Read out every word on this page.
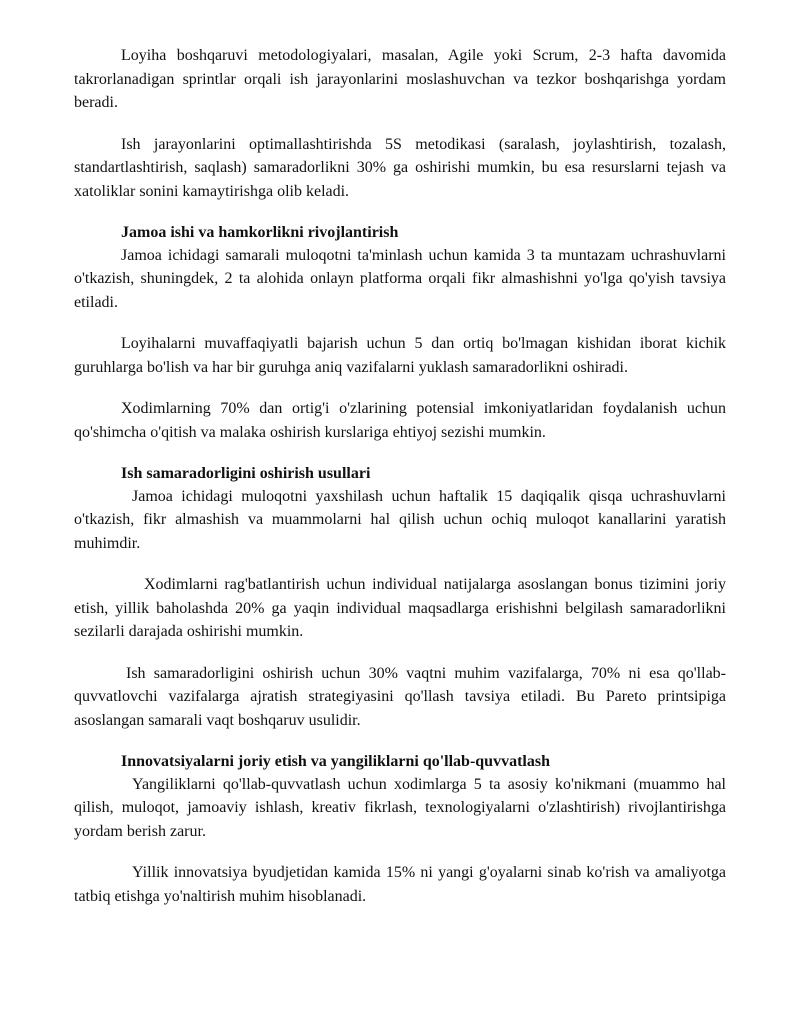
Loyiha boshqaruvi metodologiyalari, masalan, Agile yoki Scrum, 2-3 hafta davomida takrorlanadigan sprintlar orqali ish jarayonlarini moslashuvchan va tezkor boshqarishga yordam beradi.

Ish jarayonlarini optimallashtirishda 5S metodikasi (saralash, joylashtirish, tozalash, standartlashtirish, saqlash) samaradorlikni 30% ga oshirishi mumkin, bu esa resurslarni tejash va xatoliklar sonini kamaytirishga olib keladi.

Jamoa ishi va hamkorlikni rivojlantirish

Jamoa ichidagi samarali muloqotni ta'minlash uchun kamida 3 ta muntazam uchrashuvlarni o'tkazish, shuningdek, 2 ta alohida onlayn platforma orqali fikr almashishni yo'lga qo'yish tavsiya etiladi.

Loyihalarni muvaffaqiyatli bajarish uchun 5 dan ortiq bo'lmagan kishidan iborat kichik guruhlarga bo'lish va har bir guruhga aniq vazifalarni yuklash samaradorlikni oshiradi.

Xodimlarning 70% dan ortig'i o'zlarining potensial imkoniyatlaridan foydalanish uchun qo'shimcha o'qitish va malaka oshirish kurslariga ehtiyoj sezishi mumkin.

Ish samaradorligini oshirish usullari

Jamoa ichidagi muloqotni yaxshilash uchun haftalik 15 daqiqalik qisqa uchrashuvlarni o'tkazish, fikr almashish va muammolarni hal qilish uchun ochiq muloqot kanallarini yaratish muhimdir.

Xodimlarni rag'batlantirish uchun individual natijalarga asoslangan bonus tizimini joriy etish, yillik baholashda 20% ga yaqin individual maqsadlarga erishishni belgilash samaradorlikni sezilarli darajada oshirishi mumkin.

Ish samaradorligini oshirish uchun 30% vaqtni muhim vazifalarga, 70% ni esa qo'llab-quvvatlovchi vazifalarga ajratish strategiyasini qo'llash tavsiya etiladi. Bu Pareto printsipiga asoslangan samarali vaqt boshqaruv usulidir.

Innovatsiyalarni joriy etish va yangiliklarni qo'llab-quvvatlash

Yangiliklarni qo'llab-quvvatlash uchun xodimlarga 5 ta asosiy ko'nikmani (muammo hal qilish, muloqot, jamoaviy ishlash, kreativ fikrlash, texnologiyalarni o'zlashtirish) rivojlantirishga yordam berish zarur.

Yillik innovatsiya byudjetidan kamida 15% ni yangi g'oyalarni sinab ko'rish va amaliyotga tatbiq etishga yo'naltirish muhim hisoblanadi.
